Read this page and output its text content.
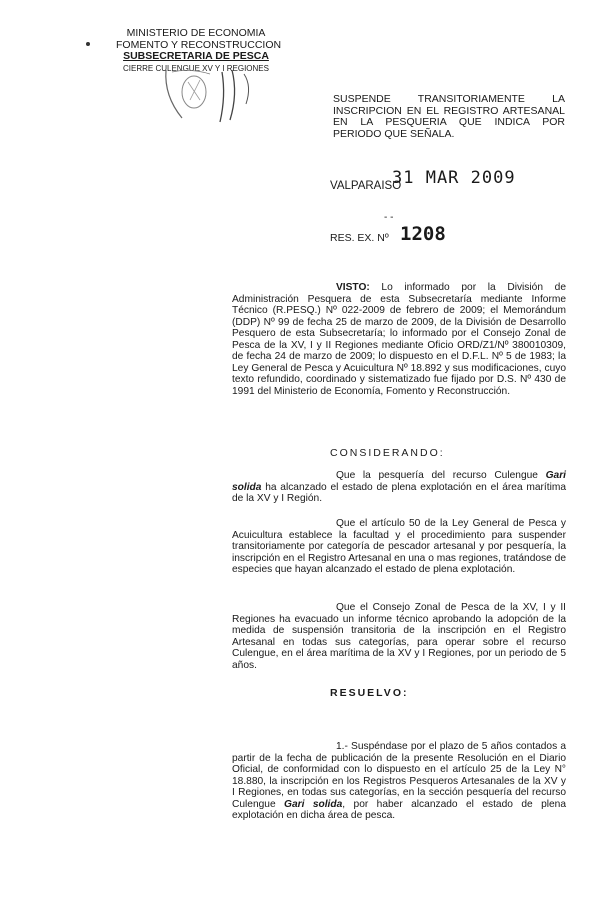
MINISTERIO DE ECONOMIA
FOMENTO Y RECONSTRUCCION
SUBSECRETARIA DE PESCA
CIERRE CULENGUE XV Y I REGIONES
SUSPENDE TRANSITORIAMENTE LA INSCRIPCION EN EL REGISTRO ARTESANAL EN LA PESQUERIA QUE INDICA POR PERIODO QUE SEÑALA.
31 MAR 2009
VALPARAISO
- -
RES. EX. Nº 1208
VISTO: Lo informado por la División de Administración Pesquera de esta Subsecretaría mediante Informe Técnico (R.PESQ.) Nº 022-2009 de febrero de 2009; el Memorándum (DDP) Nº 99 de fecha 25 de marzo de 2009, de la División de Desarrollo Pesquero de esta Subsecretaría; lo informado por el Consejo Zonal de Pesca de la XV, I y II Regiones mediante Oficio ORD/Z1/Nº 380010309, de fecha 24 de marzo de 2009; lo dispuesto en el D.F.L. Nº 5 de 1983; la Ley General de Pesca y Acuicultura Nº 18.892 y sus modificaciones, cuyo texto refundido, coordinado y sistematizado fue fijado por D.S. Nº 430 de 1991 del Ministerio de Economía, Fomento y Reconstrucción.
CONSIDERANDO:
Que la pesquería del recurso Culengue Gari solida ha alcanzado el estado de plena explotación en el área marítima de la XV y I Región.
Que el artículo 50 de la Ley General de Pesca y Acuicultura establece la facultad y el procedimiento para suspender transitoriamente por categoría de pescador artesanal y por pesquería, la inscripción en el Registro Artesanal en una o mas regiones, tratándose de especies que hayan alcanzado el estado de plena explotación.
Que el Consejo Zonal de Pesca de la XV, I y II Regiones ha evacuado un informe técnico aprobando la adopción de la medida de suspensión transitoria de la inscripción en el Registro Artesanal en todas sus categorías, para operar sobre el recurso Culengue, en el área marítima de la XV y I Regiones, por un periodo de 5 años.
RESUELVO:
1.- Suspéndase por el plazo de 5 años contados a partir de la fecha de publicación de la presente Resolución en el Diario Oficial, de conformidad con lo dispuesto en el artículo 25 de la Ley N° 18.880, la inscripción en los Registros Pesqueros Artesanales de la XV y I Regiones, en todas sus categorías, en la sección pesquería del recurso Culengue Gari solida, por haber alcanzado el estado de plena explotación en dicha área de pesca.
